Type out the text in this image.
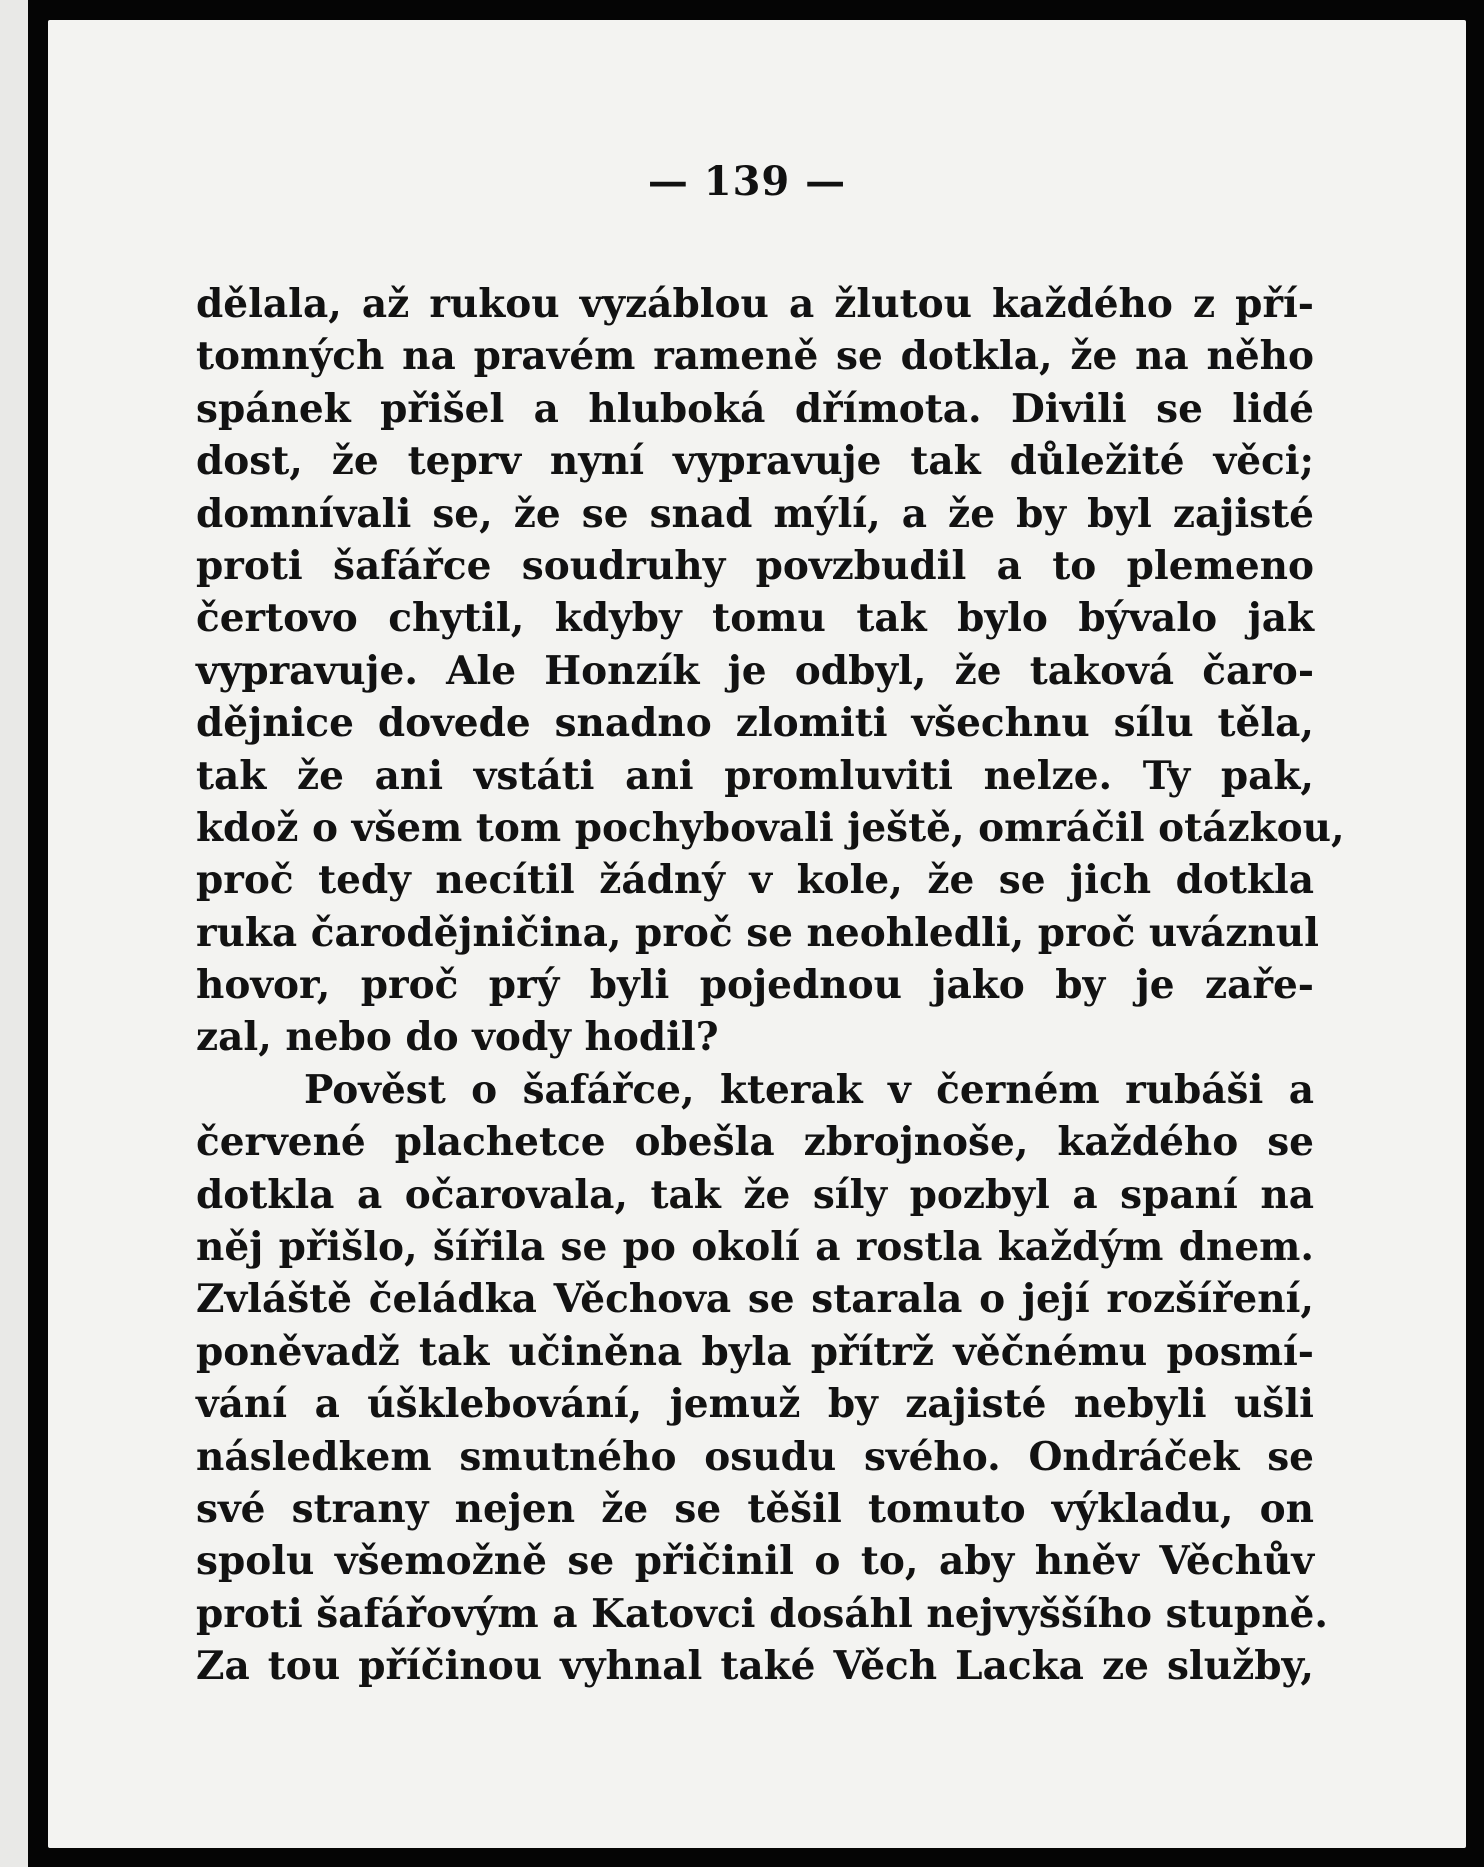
— 139 —
dělala, až rukou vyzáblou a žlutou každého z pří-
tomných na pravém rameně se dotkla, že na něho
spánek přišel a hluboká dřímota. Divili se lidé
dost, že teprv nyní vypravuje tak důležité věci;
domnívali se, že se snad mýlí, a že by byl zajisté
proti šafářce soudruhy povzbudil a to plemeno
čertovo chytil, kdyby tomu tak bylo bývalo jak
vypravuje. Ale Honzík je odbyl, že taková čaro-
dějnice dovede snadno zlomiti všechnu sílu těla,
tak že ani vstáti ani promluviti nelze. Ty pak,
kdož o všem tom pochybovali ještě, omráčil otázkou,
proč tedy necítil žádný v kole, že se jich dotkla
ruka čarodějničina, proč se neohledli, proč uváznul
hovor, proč prý byli pojednou jako by je zaře-
zal, nebo do vody hodil?
Pověst o šafářce, kterak v černém rubáši a
červené plachetce obešla zbrojnoše, každého se
dotkla a očarovala, tak že síly pozbyl a spaní na
něj přišlo, šířila se po okolí a rostla každým dnem.
Zvláště čeládka Věchova se starala o její rozšíření,
poněvadž tak učiněna byla přítrž věčnému posmí-
vání a úšklebování, jemuž by zajisté nebyli ušli
následkem smutného osudu svého. Ondráček se
své strany nejen že se těšil tomuto výkladu, on
spolu všemožně se přičinil o to, aby hněv Věchův
proti šafářovým a Katovci dosáhl nejvyššího stupně.
Za tou příčinou vyhnal také Věch Lacka ze služby,
